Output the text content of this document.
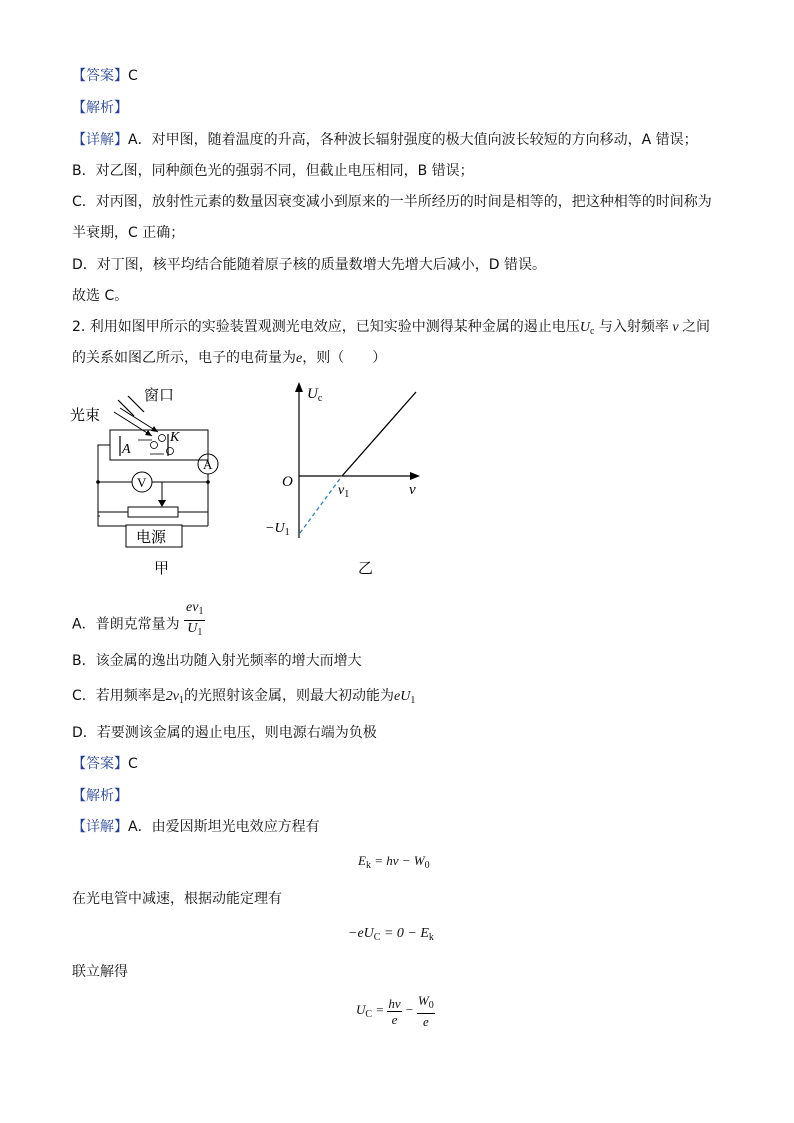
【答案】C
【解析】
【详解】A．对甲图，随着温度的升高，各种波长辐射强度的极大值向波长较短的方向移动，A 错误；
B．对乙图，同种颜色光的强弱不同，但截止电压相同，B 错误；
C．对丙图，放射性元素的数量因衰变减小到原来的一半所经历的时间是相等的，把这种相等的时间称为
半衰期，C 正确；
D．对丁图，核平均结合能随着原子核的质量数增大先增大后减小，D 错误。
故选 C。
2. 利用如图甲所示的实验装置观测光电效应，已知实验中测得某种金属的遏止电压$U_c$ 与入射频率 ν 之间
的关系如图乙所示，电子的电荷量为e，则（　　）
窗口
光束
A
K
A
V
电源
甲
$U_c$
O	ν
$\nu_1$
$-U_1$
乙
A．普朗克常量为 $\frac{e\nu_1}{U_1}$
B．该金属的逸出功随入射光频率的增大而增大
C．若用频率是$2\nu_1$的光照射该金属，则最大初动能为$eU_1$
D．若要测该金属的遏止电压，则电源右端为负极
【答案】C
【解析】
【详解】A．由爱因斯坦光电效应方程有
$E_k = h\nu - W_0$
在光电管中减速，根据动能定理有
$-eU_C = 0 - E_k$
联立解得
$U_C = \frac{h\nu}{e} - \frac{W_0}{e}$
